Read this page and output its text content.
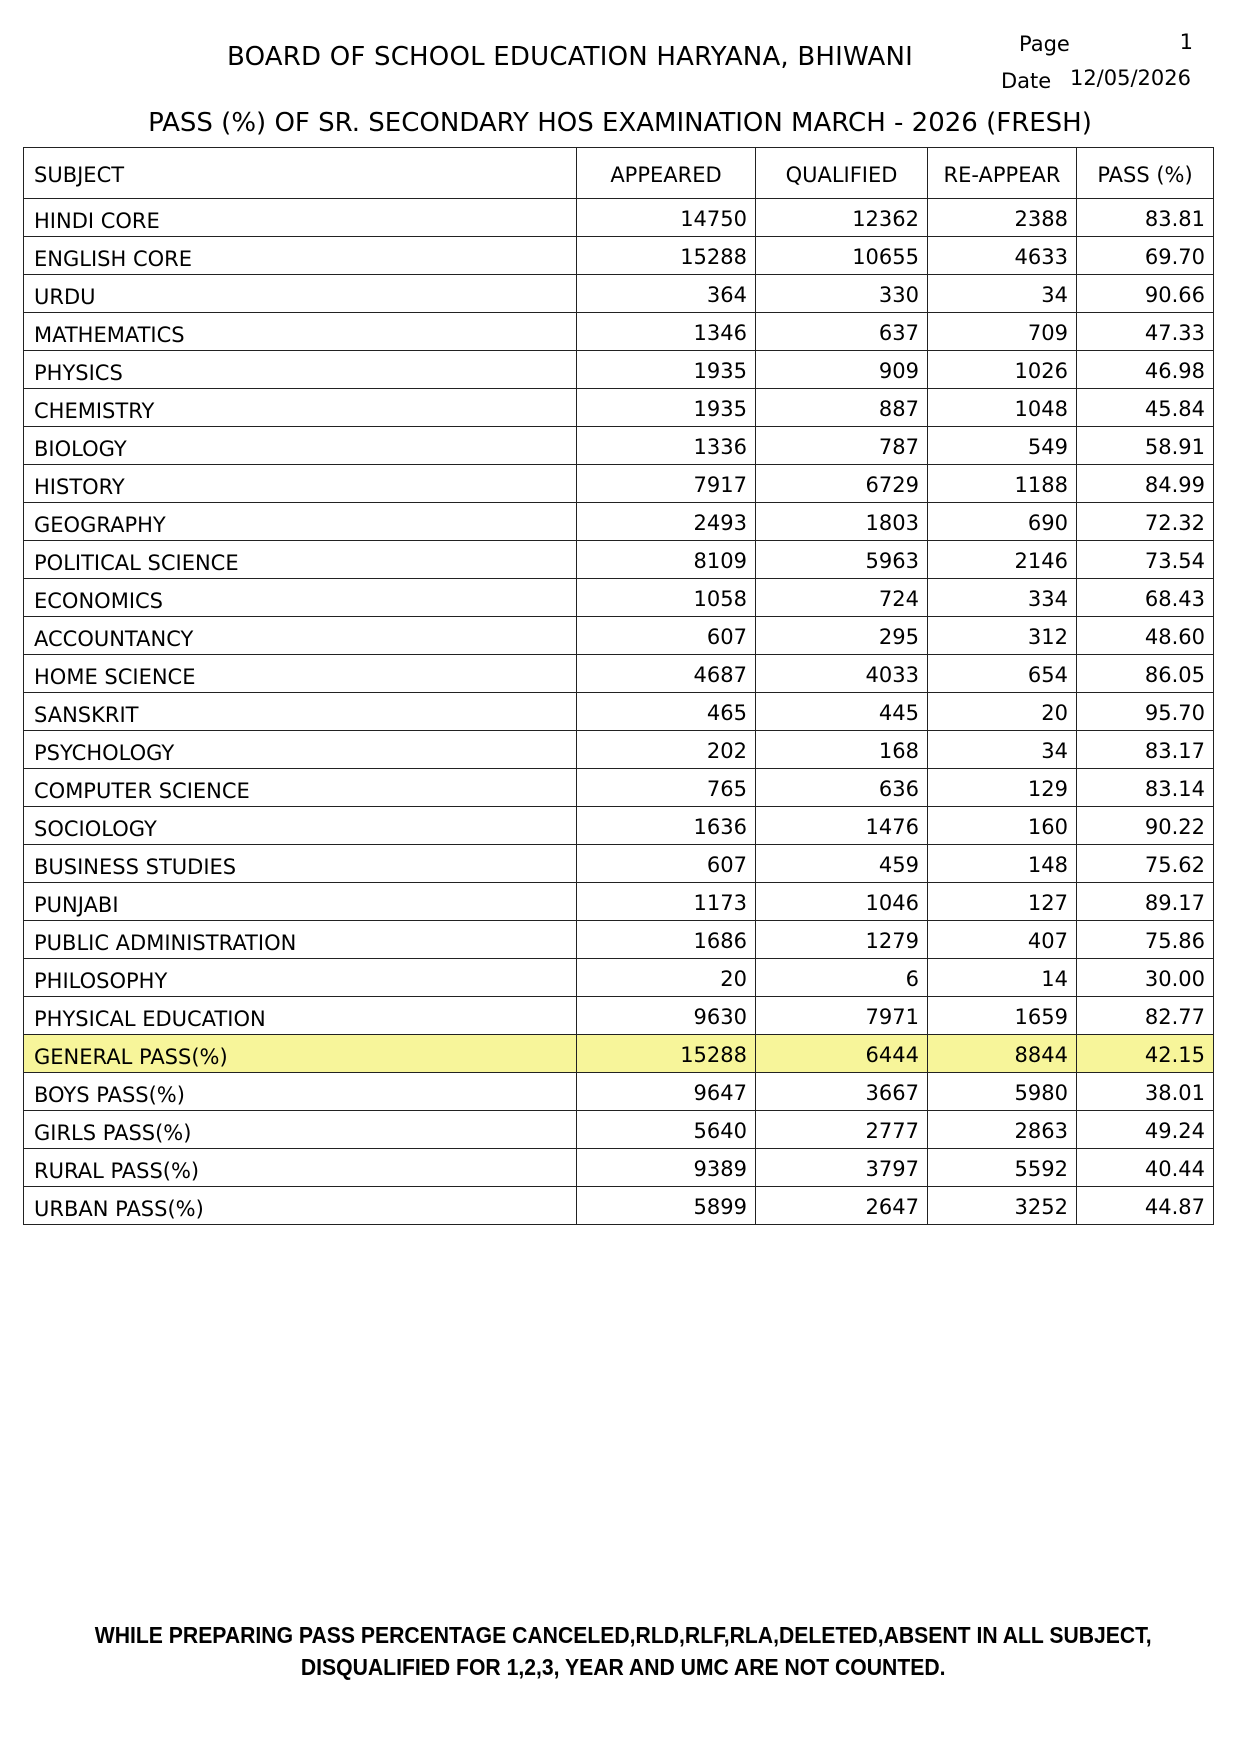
BOARD OF SCHOOL EDUCATION HARYANA, BHIWANI	Page	1
Date 12/05/2026
PASS (%) OF SR. SECONDARY HOS EXAMINATION MARCH - 2026 (FRESH)
SUBJECT	APPEARED	QUALIFIED	RE-APPEAR	PASS (%)
HINDI CORE	14750	12362	2388	83.81
ENGLISH CORE	15288	10655	4633	69.70
URDU	364	330	34	90.66
MATHEMATICS	1346	637	709	47.33
PHYSICS	1935	909	1026	46.98
CHEMISTRY	1935	887	1048	45.84
BIOLOGY	1336	787	549	58.91
HISTORY	7917	6729	1188	84.99
GEOGRAPHY	2493	1803	690	72.32
POLITICAL SCIENCE	8109	5963	2146	73.54
ECONOMICS	1058	724	334	68.43
ACCOUNTANCY	607	295	312	48.60
HOME SCIENCE	4687	4033	654	86.05
SANSKRIT	465	445	20	95.70
PSYCHOLOGY	202	168	34	83.17
COMPUTER SCIENCE	765	636	129	83.14
SOCIOLOGY	1636	1476	160	90.22
BUSINESS STUDIES	607	459	148	75.62
PUNJABI	1173	1046	127	89.17
PUBLIC ADMINISTRATION	1686	1279	407	75.86
PHILOSOPHY	20	6	14	30.00
PHYSICAL EDUCATION	9630	7971	1659	82.77
GENERAL PASS(%)	15288	6444	8844	42.15
BOYS PASS(%)	9647	3667	5980	38.01
GIRLS PASS(%)	5640	2777	2863	49.24
RURAL PASS(%)	9389	3797	5592	40.44
URBAN PASS(%)	5899	2647	3252	44.87
WHILE PREPARING PASS PERCENTAGE CANCELED,RLD,RLF,RLA,DELETED,ABSENT IN ALL SUBJECT,
DISQUALIFIED FOR 1,2,3, YEAR AND UMC ARE NOT COUNTED.
